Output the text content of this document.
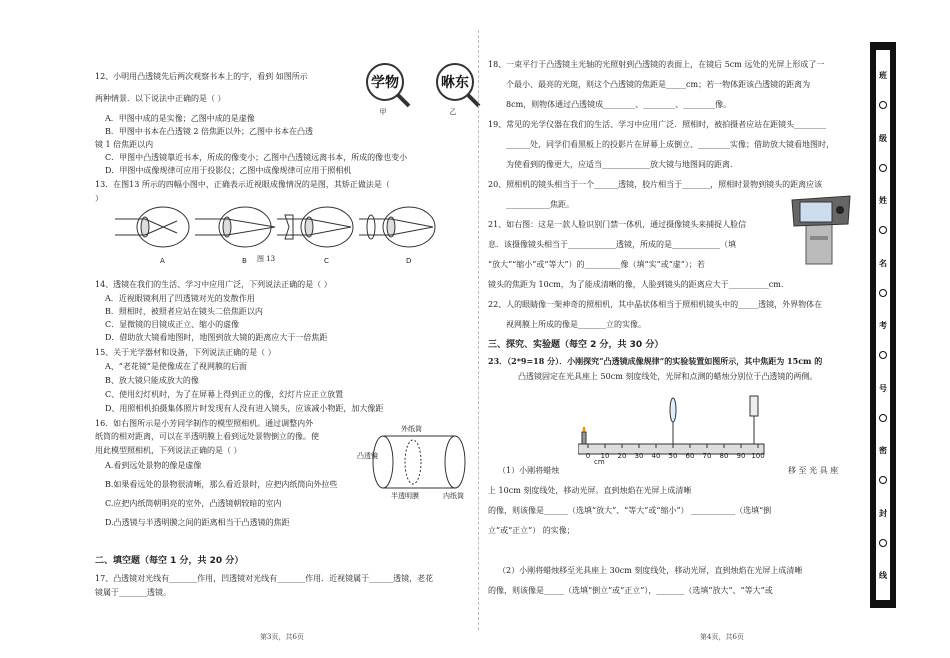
12、小明用凸透镜先后两次观察书本上的字，看到 如图所示
两种情景．以下说法中正确的是（ ）
A．甲图中成的是实像；乙图中成的是虚像
B．甲图中书本在凸透镜 2 倍焦距以外；乙图中书本在凸透
镜 1 倍焦距以内
C．甲图中凸透镜靠近书本，所成的像变小；乙图中凸透镜远离书本，所成的像也变小
D．甲图中成像规律可应用于投影仪；乙图中成像规律可应用于照相机
学物
甲
咻东
乙
13．在图13 所示的四幅小图中，正确表示近视眼成像情况的是图，其矫正做法是（
）
A	B	C	D
图 13
14、透镜在我们的生活、学习中应用广泛，下列说法正确的是（ ）
A．近视眼镜利用了凹透镜对光的发散作用
B．照相时，被照者应站在镜头二倍焦距以内
C．显微镜的目镜成正立、缩小的虚像
D．借助放大镜看地图时，地图到放大镜的距离应大于一倍焦距
15、关于光学器材和设备，下列说法正确的是（ ）
A、“老花镜”是使像成在了视网膜的后面
B、放大镜只能成放大的像
C、使用幻灯机时，为了在屏幕上得到正立的像，幻灯片应正立放置
D、用照相机拍摄集体照片时发现有人没有进入镜头，应该减小物距，加大像距
16．如右图所示是小芳同学制作的模型照相机。通过调整内外
纸筒的相对距离，可以在半透明膜上看到远处景物倒立的像。使
用此模型照相机，下列说法正确的是（ ）
A.看到远处景物的像是虚像
B.如果看远处的景物很清晰，那么看近景时，应把内纸筒向外拉些
C.应把内纸筒朝明亮的室外，凸透镜朝较暗的室内
D.凸透镜与半透明膜之间的距离相当于凸透镜的焦距
外纸筒
凸透镜
半透明膜	内纸筒
二、填空题（每空 1 分，共 20 分）
17、凸透镜对光线有_______作用，凹透镜对光线有_______作用．近视镜属于______透镜，老花
镜属于_______透镜。
第3页，共6页
18、一束平行于凸透镜主光轴的光照射到凸透镜的表面上，在镜后 5cm 远处的光屏上形成了一
个最小、最亮的光斑，则这个凸透镜的焦距是_____cm；若一物体距该凸透镜的距离为
8cm，则物体通过凸透镜成________、________、________像。
19、常见的光学仪器在我们的生活、学习中应用广泛．照相时，被拍摄者应站在距镜头________
______处，同学们看黑板上的投影片在屏幕上成倒立、________实像；借助放大镜看地图时，
为使看到的像更大，应适当____________放大镜与地图间的距离.
20、照相机的镜头相当于一个______透镜，胶片相当于_______，照相时景物到镜头的距离应该
___________焦距。
21、如右图：这是一款人脸识别门禁一体机，通过摄像镜头来捕捉人脸信
息．该摄像镜头相当于____________透镜，所成的是____________（填
“放大”“缩小”或“等大”）的_________像（填“实”或“虚”）；若
镜头的焦距为 10cm，为了能成清晰的像，人脸到镜头的距离应大于__________cm.
22、人的眼睛像一架神奇的照相机，其中晶状体相当于照相机镜头中的_____透镜，外界物体在
视网膜上所成的像是_______立的实像。
三、探究、实验题（每空 2 分，共 30 分）
23．（2*9=18 分）．小刚探究“凸透镜成像规律”的实验装置如图所示，其中焦距为 15cm 的
凸透镜固定在光具座上 50cm 刻度线处，光屏和点测的蜡烛分别位于凸透镜的两侧。
0 10 20 30 40 50 60 70 80 90 100
cm
（1）小刚将蜡烛	移 至 光 具 座
上 10cm 刻度线处，移动光屏。直到烛焰在光屏上成清晰
的像，则该像是______（选填“放大”、“等大”或“缩小”） ___________（选填“倒
立”或“正立”） 的实像；
（2）小刚将蜡烛移至光具座上 30cm 刻度线处，移动光屏，直到烛焰在光屏上成清晰
的像，则该像是_____（选填“倒立”或“正立”），_______（选填“放大”、“等大”或
第4页，共6页
班
级
姓
名
考
号
密
封
线
